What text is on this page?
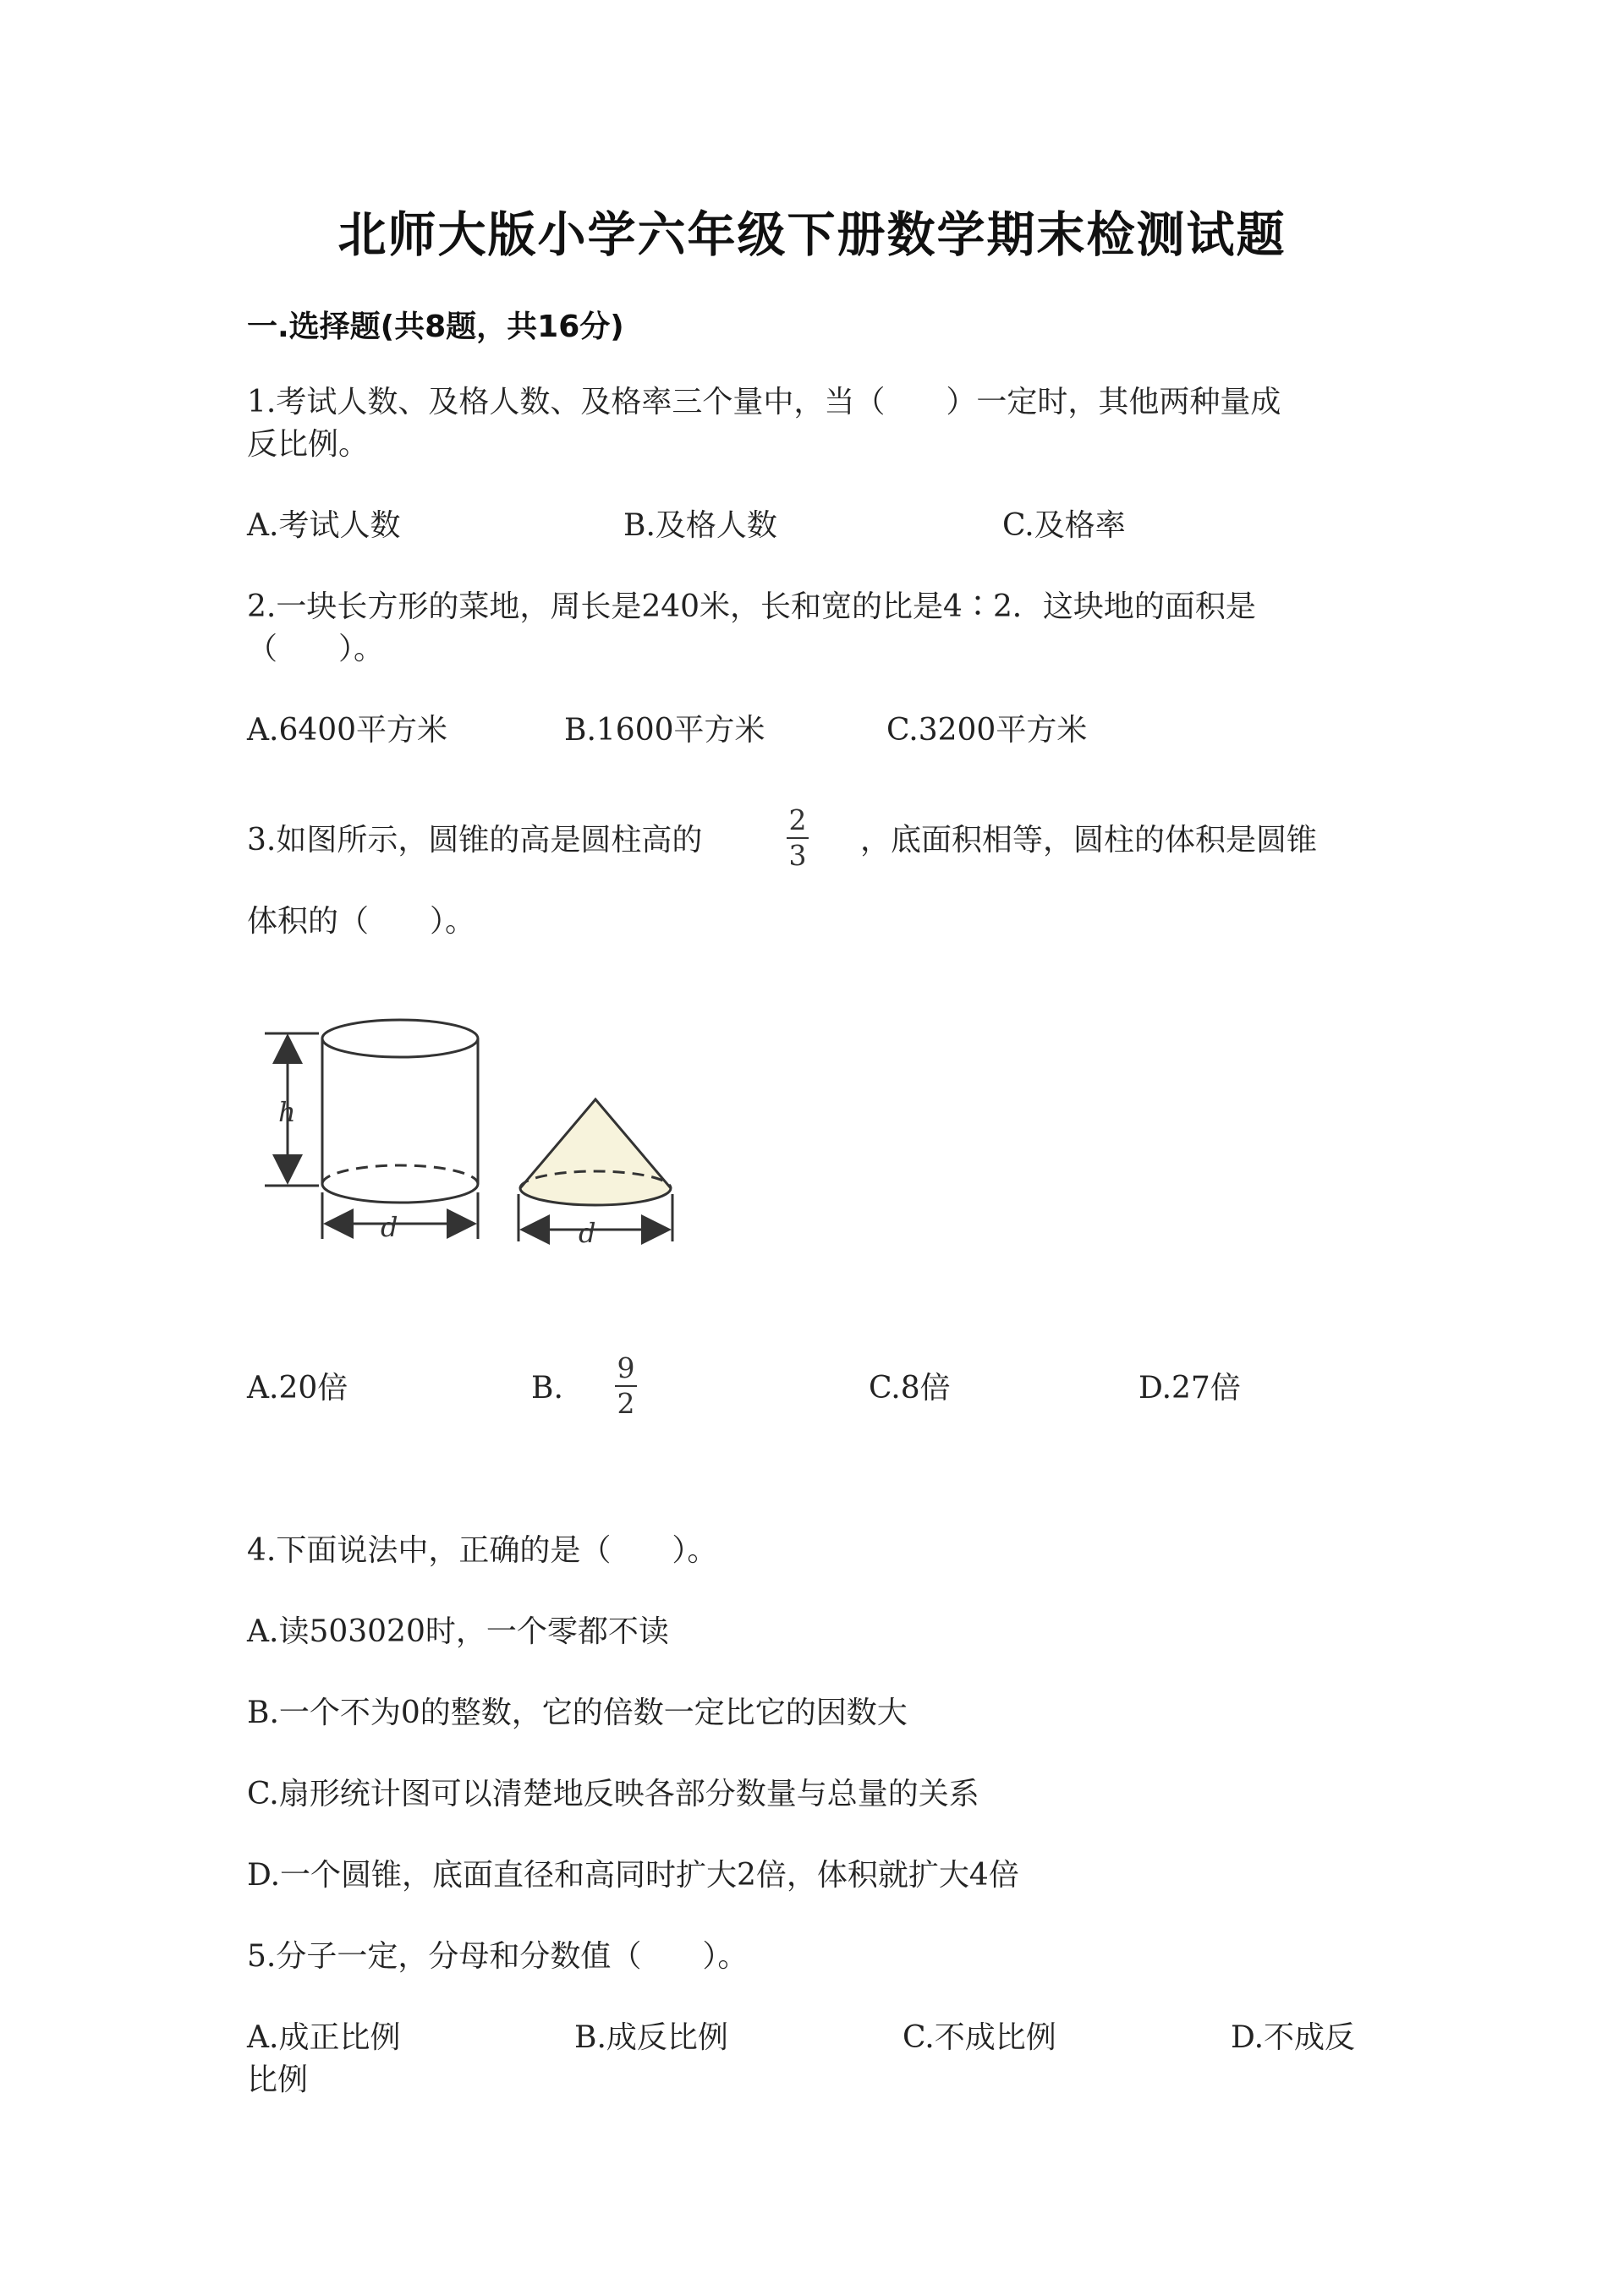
北师大版小学六年级下册数学期末检测试题
一.选择题(共8题，共16分)
1.考试人数、及格人数、及格率三个量中，当（　　）一定时，其他两种量成
反比例。
A.考试人数	B.及格人数	C.及格率
2.一块长方形的菜地，周长是240米，长和宽的比是4∶2．这块地的面积是
（　　）。
A.6400平方米	B.1600平方米	C.3200平方米
3.如图所示，圆锥的高是圆柱高的
2
3 ，底面积相等，圆柱的体积是圆锥
体积的（　　）。
h
d	d
A.20倍	B.
9
2	C.8倍	D.27倍
4.下面说法中，正确的是（　　）。
A.读503020时，一个零都不读
B.一个不为0的整数，它的倍数一定比它的因数大
C.扇形统计图可以清楚地反映各部分数量与总量的关系
D.一个圆锥，底面直径和高同时扩大2倍，体积就扩大4倍
5.分子一定，分母和分数值（　　）。
A.成正比例	B.成反比例	C.不成比例	D.不成反
比例
